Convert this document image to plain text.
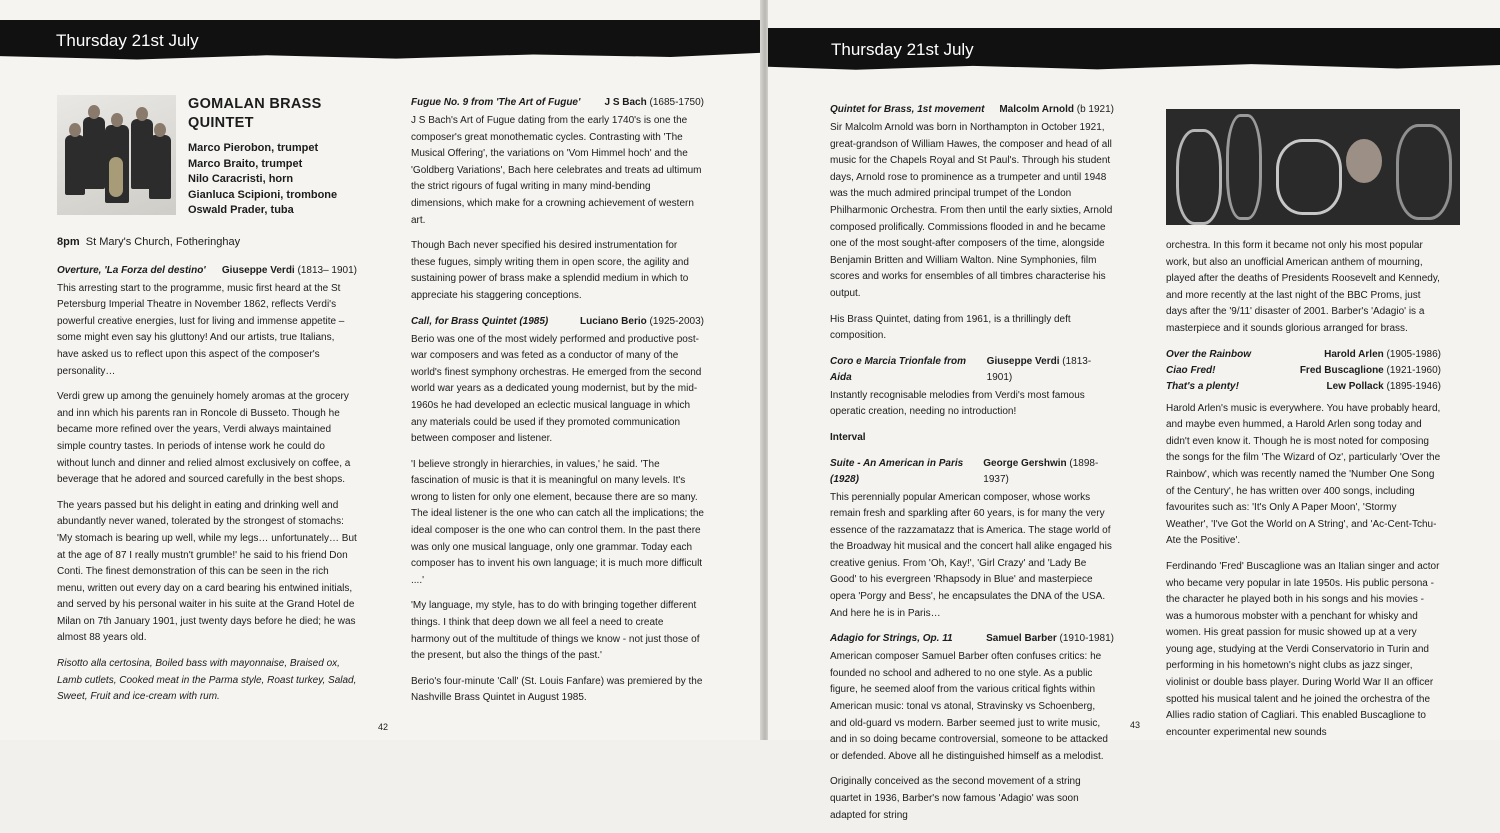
Thursday 21st July
GOMALAN BRASS
QUINTET
Marco Pierobon, trumpet
Marco Braito, trumpet
Nilo Caracristi, horn
Gianluca Scipioni, trombone
Oswald Prader, tuba
8pm St Mary's Church, Fotheringhay
Overture, 'La Forza del destino' Giuseppe Verdi (1813– 1901)

This arresting start to the programme, music first heard at the St Petersburg Imperial Theatre in November 1862, reflects Verdi's powerful creative energies, lust for living and immense appetite – some might even say his gluttony! And our artists, true Italians, have asked us to reflect upon this aspect of the composer's personality…

Verdi grew up among the genuinely homely aromas at the grocery and inn which his parents ran in Roncole di Busseto. Though he became more refined over the years, Verdi always maintained simple country tastes. In periods of intense work he could do without lunch and dinner and relied almost exclusively on coffee, a beverage that he adored and sourced carefully in the best shops.

The years passed but his delight in eating and drinking well and abundantly never waned, tolerated by the strongest of stomachs: 'My stomach is bearing up well, while my legs… unfortunately… But at the age of 87 I really mustn't grumble!' he said to his friend Don Conti. The finest demonstration of this can be seen in the rich menu, written out every day on a card bearing his entwined initials, and served by his personal waiter in his suite at the Grand Hotel de Milan on 7th January 1901, just twenty days before he died; he was almost 88 years old.

Risotto alla certosina, Boiled bass with mayonnaise, Braised ox, Lamb cutlets, Cooked meat in the Parma style, Roast turkey, Salad, Sweet, Fruit and ice-cream with rum.

Fugue No. 9 from 'The Art of Fugue' J S Bach (1685-1750)

J S Bach's Art of Fugue dating from the early 1740's is one the composer's great monothematic cycles. Contrasting with 'The Musical Offering', the variations on 'Vom Himmel hoch' and the 'Goldberg Variations', Bach here celebrates and treats ad ultimum the strict rigours of fugal writing in many mind-bending dimensions, which make for a crowning achievement of western art.

Though Bach never specified his desired instrumentation for these fugues, simply writing them in open score, the agility and sustaining power of brass make a splendid medium in which to appreciate his staggering conceptions.

Call, for Brass Quintet (1985)	Luciano Berio (1925-2003)

Berio was one of the most widely performed and productive post-war composers and was feted as a conductor of many of the world's finest symphony orchestras. He emerged from the second world war years as a dedicated young modernist, but by the mid-1960s he had developed an eclectic musical language in which any materials could be used if they promoted communication between composer and listener.

'I believe strongly in hierarchies, in values,' he said. 'The fascination of music is that it is meaningful on many levels. It's wrong to listen for only one element, because there are so many. The ideal listener is the one who can catch all the implications; the ideal composer is the one who can control them. In the past there was only one musical language, only one grammar. Today each composer has to invent his own language; it is much more difficult ....'

'My language, my style, has to do with bringing together different things. I think that deep down we all feel a need to create harmony out of the multitude of things we know - not just those of the present, but also the things of the past.'

Berio's four-minute 'Call' (St. Louis Fanfare) was premiered by the Nashville Brass Quintet in August 1985.

42
Thursday 21st July
Quintet for Brass, 1st movement Malcolm Arnold (b 1921)

Sir Malcolm Arnold was born in Northampton in October 1921, great-grandson of William Hawes, the composer and head of all music for the Chapels Royal and St Paul's. Through his student days, Arnold rose to prominence as a trumpeter and until 1948 was the much admired principal trumpet of the London Philharmonic Orchestra. From then until the early sixties, Arnold composed prolifically. Commissions flooded in and he became one of the most sought-after composers of the time, alongside Benjamin Britten and William Walton. Nine Symphonies, film scores and works for ensembles of all timbres characterise his output.

His Brass Quintet, dating from 1961, is a thrillingly deft composition.

Coro e Marcia Trionfale from Aida
Giuseppe Verdi (1813-1901)

Instantly recognisable melodies from Verdi's most famous operatic creation, needing no introduction!

Interval

Suite - An American in Paris (1928)
George Gershwin (1898-1937)

This perennially popular American composer, whose works remain fresh and sparkling after 60 years, is for many the very essence of the razzamatazz that is America. The stage world of the Broadway hit musical and the concert hall alike engaged his creative genius. From 'Oh, Kay!', 'Girl Crazy' and 'Lady Be Good' to his evergreen 'Rhapsody in Blue' and masterpiece opera 'Porgy and Bess', he encapsulates the DNA of the USA. And here he is in Paris…

Adagio for Strings, Op. 11	Samuel Barber (1910-1981)

American composer Samuel Barber often confuses critics: he founded no school and adhered to no one style. As a public figure, he seemed aloof from the various critical fights within American music: tonal vs atonal, Stravinsky vs Schoenberg, and old-guard vs modern. Barber seemed just to write music, and in so doing became controversial, someone to be attacked or defended. Above all he distinguished himself as a melodist.

Originally conceived as the second movement of a string quartet in 1936, Barber's now famous 'Adagio' was soon adapted for string

orchestra. In this form it became not only his most popular work, but also an unofficial American anthem of mourning, played after the deaths of Presidents Roosevelt and Kennedy, and more recently at the last night of the BBC Proms, just days after the '9/11' disaster of 2001. Barber's 'Adagio' is a masterpiece and it sounds glorious arranged for brass.

Over the Rainbow	Harold Arlen (1905-1986)
Ciao Fred!	Fred Buscaglione (1921-1960)
That's a plenty!	Lew Pollack (1895-1946)

Harold Arlen's music is everywhere. You have probably heard, and maybe even hummed, a Harold Arlen song today and didn't even know it. Though he is most noted for composing the songs for the film 'The Wizard of Oz', particularly 'Over the Rainbow', which was recently named the 'Number One Song of the Century', he has written over 400 songs, including favourites such as: 'It's Only A Paper Moon', 'Stormy Weather', 'I've Got the World on A String', and 'Ac-Cent-Tchu-Ate the Positive'.

Ferdinando 'Fred' Buscaglione was an Italian singer and actor who became very popular in late 1950s. His public persona - the character he played both in his songs and his movies - was a humorous mobster with a penchant for whisky and women. His great passion for music showed up at a very young age, studying at the Verdi Conservatorio in Turin and performing in his hometown's night clubs as jazz singer, violinist or double bass player. During World War II an officer spotted his musical talent and he joined the orchestra of the Allies radio station of Cagliari. This enabled Buscaglione to encounter experimental new sounds

43
